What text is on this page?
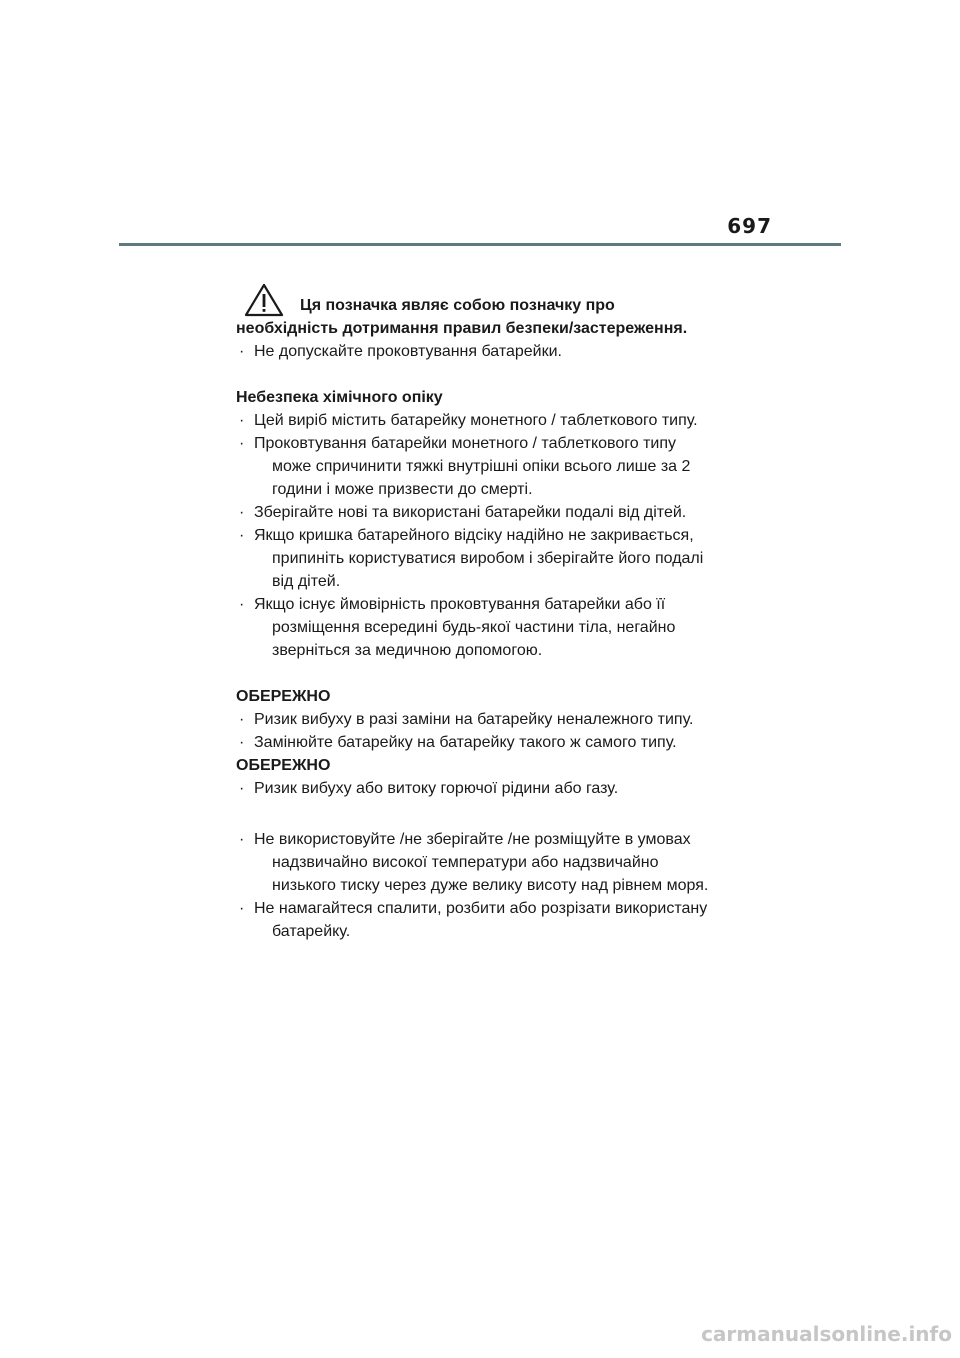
697
Ця позначка являє собою позначку про
необхідність дотримання правил безпеки/застереження.
· Не допускайте проковтування батарейки.
Небезпека хімічного опіку
· Цей виріб містить батарейку монетного / таблеткового типу.
· Проковтування батарейки монетного / таблеткового типу
може спричинити тяжкі внутрішні опіки всього лише за 2
години і може призвести до смерті.
· Зберігайте нові та використані батарейки подалі від дітей.
· Якщо кришка батарейного відсіку надійно не закривається,
припиніть користуватися виробом і зберігайте його подалі
від дітей.
· Якщо існує ймовірність проковтування батарейки або її
розміщення всередині будь-якої частини тіла, негайно
зверніться за медичною допомогою.
ОБЕРЕЖНО
· Ризик вибуху в разі заміни на батарейку неналежного типу.
· Замінюйте батарейку на батарейку такого ж самого типу.
ОБЕРЕЖНО
· Ризик вибуху або витоку горючої рідини або газу.
· Не використовуйте /не зберігайте /не розміщуйте в умовах
надзвичайно високої температури або надзвичайно
низького тиску через дуже велику висоту над рівнем моря.
· Не намагайтеся спалити, розбити або розрізати використану
батарейку.
carmanualsonline.info
